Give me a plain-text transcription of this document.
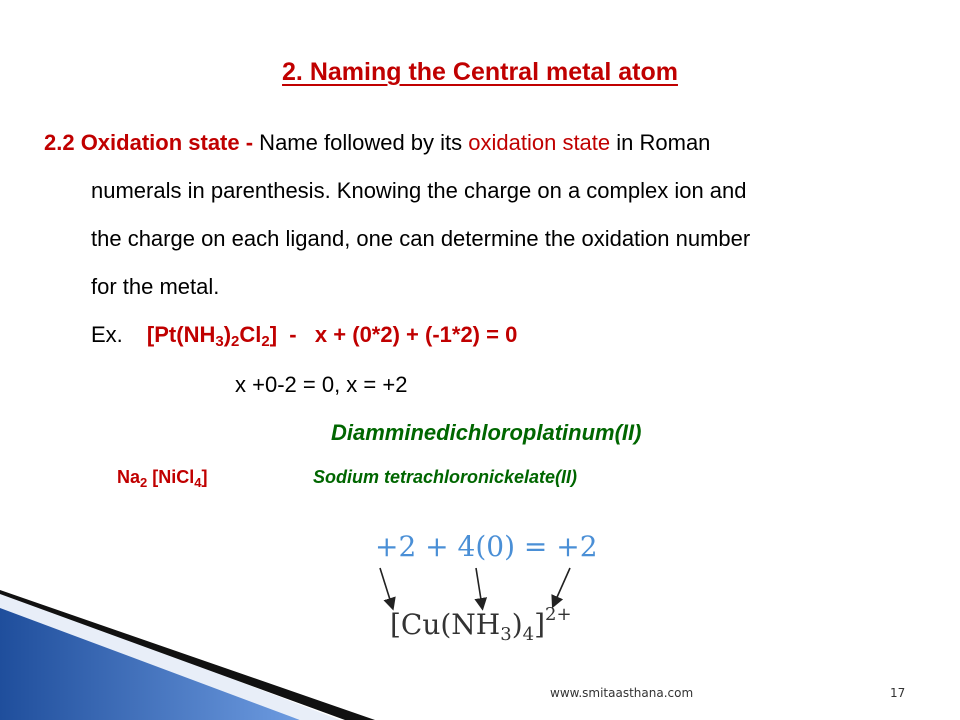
2. Naming the Central metal atom
2.2 Oxidation state - Name followed by its oxidation state in Roman
numerals in parenthesis. Knowing the charge on a complex ion and
the charge on each ligand, one can determine the oxidation number
for the metal.
Ex. $[Pt(NH_3)_2Cl_2] - x + (0*2) + (-1*2) = 0$
x +0-2 = 0, x = +2
Diamminedichloroplatinum(II)
$Na_2$ [NiCl$_4$]	Sodium tetrachloronickelate(II)
+2 + 4(0) = +2
$[Cu(NH_3)_4]^{2+}$
www.smitaasthana.com	17
